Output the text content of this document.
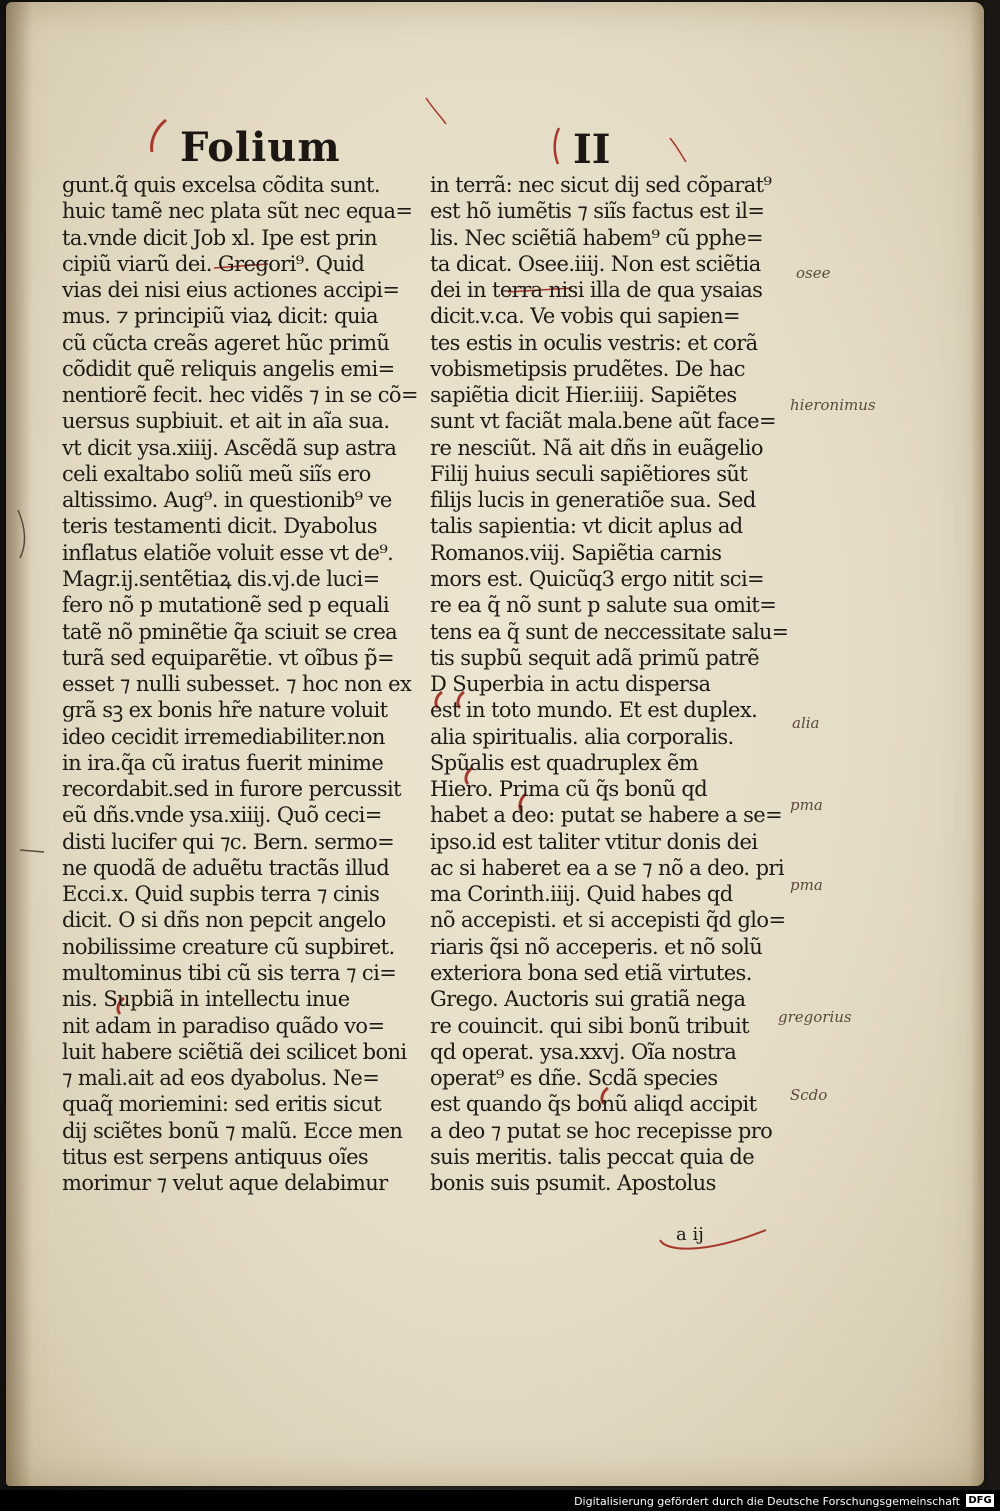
Folium	II
gunt.q̃ quis excelsa cõdita sunt.
huic tamẽ nec plata sũt nec equa=
ta.vnde dicit Job xl. Ipe est prin
cipiũ viarũ dei. Gregori⁹. Quid
vias dei nisi eius actiones accipi=
mus. ⁊ principiũ viaꝝ dicit: quia
cũ cũcta creãs ageret hũc primũ
cõdidit quẽ reliquis angelis emi=
nentiorẽ fecit. hec vidẽs ⁊ in se cõ=
uersus supbiuit. et ait in aĩa sua.
vt dicit ysa.xiiij. Ascẽdã sup astra
celi exaltabo soliũ meũ siĩs ero
altissimo. Aug⁹. in questionib⁹ ve
teris testamenti dicit. Dyabolus
inflatus elatiõe voluit esse vt de⁹.
Magr.ij.sentẽtiaꝝ dis.vj.de luci=
fero nõ p mutationẽ sed p equali
tatẽ nõ pminẽtie q̃a sciuit se crea
turã sed equiparẽtie. vt oĩbus p̃=
esset ⁊ nulli subesset. ⁊ hoc non ex
grã sꝫ ex bonis hr̃e nature voluit
ideo cecidit irremediabiliter.non
in ira.q̃a cũ iratus fuerit minime
recordabit.sed in furore percussit
eũ dñs.vnde ysa.xiiij. Quõ ceci=
disti lucifer qui ⁊c. Bern. sermo=
ne quodã de aduẽtu tractãs illud
Ecci.x. Quid supbis terra ⁊ cinis
dicit. O si dñs non pepcit angelo
nobilissime creature cũ supbiret.
multominus tibi cũ sis terra ⁊ ci=
nis. Supbiã in intellectu inue
nit adam in paradiso quãdo vo=
luit habere sciẽtiã dei scilicet boni
⁊ mali.ait ad eos dyabolus. Ne=
quaq̃ moriemini: sed eritis sicut
dij sciẽtes bonũ ⁊ malũ. Ecce men
titus est serpens antiquus oĩes
morimur ⁊ velut aque delabimur
in terrã: nec sicut dij sed cõparat⁹
est hõ iumẽtis ⁊ siĩs factus est il=
lis. Nec sciẽtiã habem⁹ cũ pphe=
ta dicat. Osee.iiij. Non est sciẽtia
dei in terra nisi illa de qua ysaias
dicit.v.ca. Ve vobis qui sapien=
tes estis in oculis vestris: et corã
vobismetipsis prudẽtes. De hac
sapiẽtia dicit Hier.iiij. Sapiẽtes
sunt vt faciãt mala.bene aũt face=
re nesciũt. Nã ait dñs in euãgelio
Filij huius seculi sapiẽtiores sũt
filijs lucis in generatiõe sua. Sed
talis sapientia: vt dicit aplus ad
Romanos.viij. Sapiẽtia carnis
mors est. Quicũq3 ergo nitit sci=
re ea q̃ nõ sunt p salute sua omit=
tens ea q̃ sunt de neccessitate salu=
tis supbũ sequit adã primũ patrẽ
D Superbia in actu dispersa
est in toto mundo. Et est duplex.
alia spiritualis. alia corporalis.
Spũalis est quadruplex ẽm
Hiero. Prima cũ q̃s bonũ qd
habet a deo: putat se habere a se=
ipso.id est taliter vtitur donis dei
ac si haberet ea a se ⁊ nõ a deo. pri
ma Corinth.iiij. Quid habes qd
nõ accepisti. et si accepisti q̃d glo=
riaris q̃si nõ acceperis. et nõ solũ
exteriora bona sed etiã virtutes.
Grego. Auctoris sui gratiã nega
re couincit. qui sibi bonũ tribuit
qd operat. ysa.xxvj. Oĩa nostra
operat⁹ es dñe. Scdã species
est quando q̃s bonũ aliqd accipit
a deo ⁊ putat se hoc recepisse pro
suis meritis. talis peccat quia de
bonis suis psumit. Apostolus
osee
hieronimus
alia
pma
pma
gregorius
Scdo
a ij
Digitalisierung gefördert durch die Deutsche Forschungsgemeinschaft DFG
